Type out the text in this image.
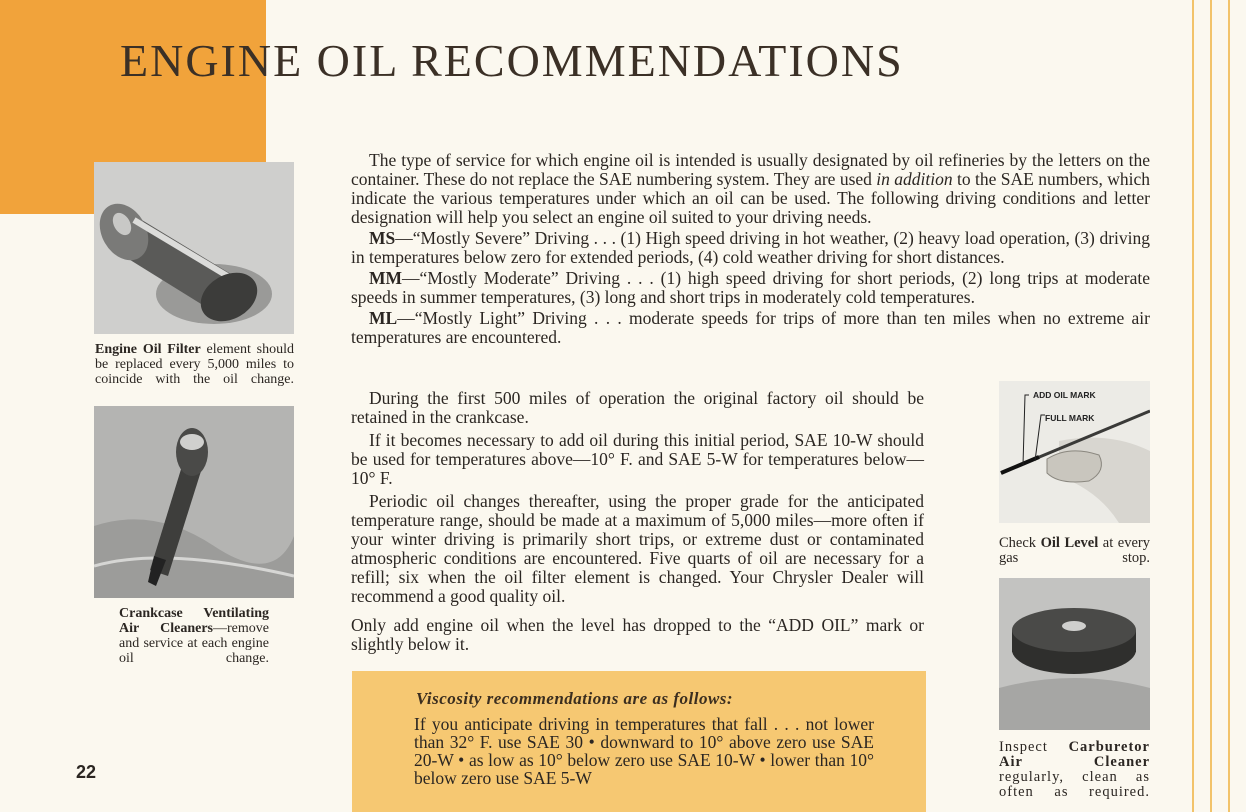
ENGINE OIL RECOMMENDATIONS

Engine Oil Filter element should be replaced every 5,000 miles to coincide with the oil change.

Crankcase Ventilating Air Cleaners—remove and service at each engine oil change.

22

The type of service for which engine oil is intended is usually designated by oil refineries by the letters on the container. These do not replace the SAE numbering system. They are used in addition to the SAE numbers, which indicate the various temperatures under which an oil can be used. The following driving conditions and letter designation will help you select an engine oil suited to your driving needs.

MS—“Mostly Severe” Driving . . . (1) High speed driving in hot weather, (2) heavy load operation, (3) driving in temperatures below zero for extended periods, (4) cold weather driving for short distances.

MM—“Mostly Moderate” Driving . . . (1) high speed driving for short periods, (2) long trips at moderate speeds in summer temperatures, (3) long and short trips in moderately cold temperatures.

ML—“Mostly Light” Driving . . . moderate speeds for trips of more than ten miles when no extreme air temperatures are encountered.

During the first 500 miles of operation the original factory oil should be retained in the crankcase.

If it becomes necessary to add oil during this initial period, SAE 10-W should be used for temperatures above—10° F. and SAE 5-W for temperatures below—10° F.

Periodic oil changes thereafter, using the proper grade for the anticipated temperature range, should be made at a maximum of 5,000 miles—more often if your winter driving is primarily short trips, or extreme dust or contaminated atmospheric conditions are encountered. Five quarts of oil are necessary for a refill; six when the oil filter element is changed. Your Chrysler Dealer will recommend a good quality oil.

Only add engine oil when the level has dropped to the “ADD OIL” mark or slightly below it.

ADD OIL MARK
FULL MARK

Check Oil Level at every gas stop.

Inspect Carburetor Air Cleaner regularly, clean as often as required.

Viscosity recommendations are as follows:

If you anticipate driving in temperatures that fall . . . not lower than 32° F. use SAE 30 • downward to 10° above zero use SAE 20-W • as low as 10° below zero use SAE 10-W • lower than 10° below zero use SAE 5-W
